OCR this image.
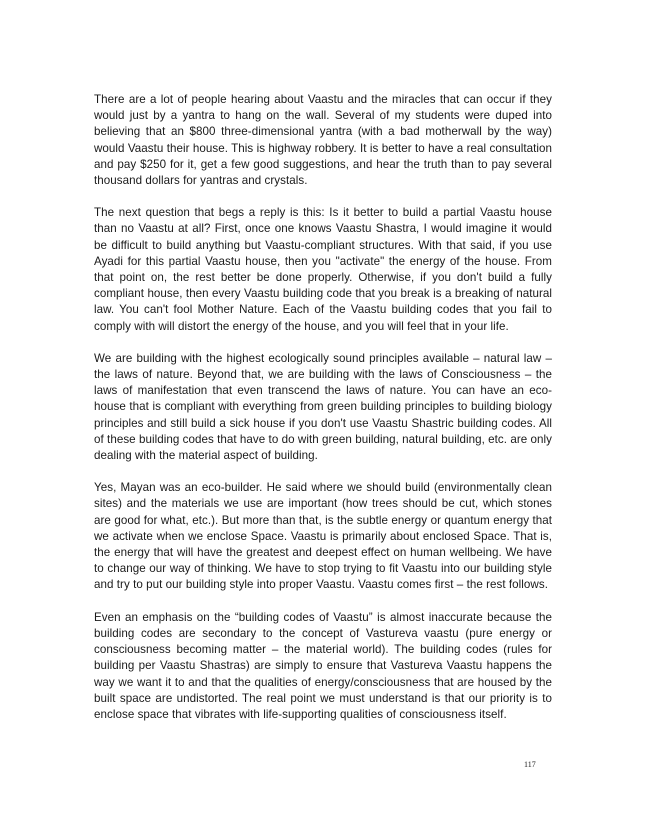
There are a lot of people hearing about Vaastu and the miracles that can occur if they would just by a yantra to hang on the wall. Several of my students were duped into believing that an $800 three-dimensional yantra (with a bad motherwall by the way) would Vaastu their house. This is highway robbery. It is better to have a real consultation and pay $250 for it, get a few good suggestions, and hear the truth than to pay several thousand dollars for yantras and crystals.

The next question that begs a reply is this: Is it better to build a partial Vaastu house than no Vaastu at all? First, once one knows Vaastu Shastra, I would imagine it would be difficult to build anything but Vaastu-compliant structures. With that said, if you use Ayadi for this partial Vaastu house, then you "activate" the energy of the house. From that point on, the rest better be done properly. Otherwise, if you don't build a fully compliant house, then every Vaastu building code that you break is a breaking of natural law. You can't fool Mother Nature. Each of the Vaastu building codes that you fail to comply with will distort the energy of the house, and you will feel that in your life.

We are building with the highest ecologically sound principles available – natural law – the laws of nature. Beyond that, we are building with the laws of Consciousness – the laws of manifestation that even transcend the laws of nature. You can have an eco-house that is compliant with everything from green building principles to building biology principles and still build a sick house if you don't use Vaastu Shastric building codes. All of these building codes that have to do with green building, natural building, etc. are only dealing with the material aspect of building.

Yes, Mayan was an eco-builder. He said where we should build (environmentally clean sites) and the materials we use are important (how trees should be cut, which stones are good for what, etc.). But more than that, is the subtle energy or quantum energy that we activate when we enclose Space. Vaastu is primarily about enclosed Space. That is, the energy that will have the greatest and deepest effect on human wellbeing. We have to change our way of thinking. We have to stop trying to fit Vaastu into our building style and try to put our building style into proper Vaastu. Vaastu comes first – the rest follows.

Even an emphasis on the “building codes of Vaastu” is almost inaccurate because the building codes are secondary to the concept of Vastureva vaastu (pure energy or consciousness becoming matter – the material world). The building codes (rules for building per Vaastu Shastras) are simply to ensure that Vastureva Vaastu happens the way we want it to and that the qualities of energy/consciousness that are housed by the built space are undistorted. The real point we must understand is that our priority is to enclose space that vibrates with life-supporting qualities of consciousness itself.

117
